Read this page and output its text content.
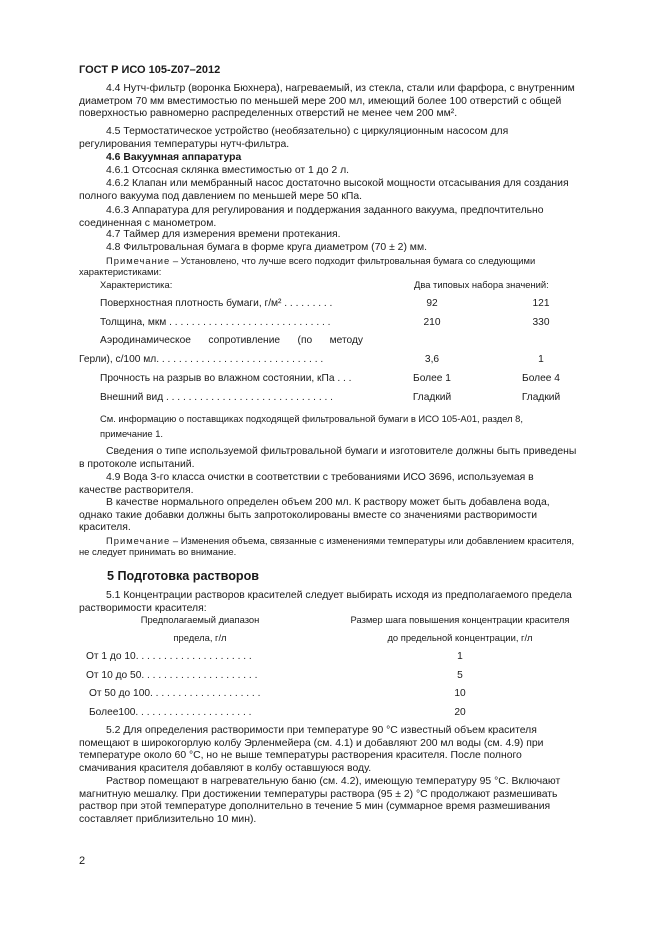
ГОСТ Р ИСО 105-Z07–2012
4.4 Нутч-фильтр (воронка Бюхнера), нагреваемый, из стекла, стали или фарфора, с внутренним
диаметром 70 мм вместимостью по меньшей мере 200 мл, имеющий более 100 отверстий с общей
поверхностью равномерно распределенных отверстий не менее чем 200 мм².
4.5 Термостатическое устройство (необязательно) с циркуляционным насосом для
регулирования температуры нутч-фильтра.
4.6 Вакуумная аппаратура
4.6.1 Отсосная склянка вместимостью от 1 до 2 л.
4.6.2 Клапан или мембранный насос достаточно высокой мощности отсасывания для создания
полного вакуума под давлением по меньшей мере 50 кПа.
4.6.3 Аппаратура для регулирования и поддержания заданного вакуума, предпочтительно
соединенная с манометром.
4.7 Таймер для измерения времени протекания.
4.8 Фильтровальная бумага в форме круга диаметром (70 ± 2) мм.
Примечание – Установлено, что лучше всего подходит фильтровальная бумага со следующими
характеристиками:
Характеристика:	Два типовых набора значений:
Поверхностная плотность бумаги, г/м² . . . . . . . . .	92	121
Толщина, мкм . . . . . . . . . . . . . . . . . . . . . . . . . . . . .	210	330
Аэродинамическое сопротивление (по методу
Герли), с/100 мл. . . . . . . . . . . . . . . . . . . . . . . . . . . . . .	3,6	1
Прочность на разрыв во влажном состоянии, кПа . . .	Более 1	Более 4
Внешний вид . . . . . . . . . . . . . . . . . . . . . . . . . . . . . .	Гладкий	Гладкий
См. информацию о поставщиках подходящей фильтровальной бумаги в ИСО 105-А01, раздел 8,
примечание 1.
Сведения о типе используемой фильтровальной бумаги и изготовителе должны быть приведены
в протоколе испытаний.
4.9 Вода 3-го класса очистки в соответствии с требованиями ИСО 3696, используемая в
качестве растворителя.
В качестве нормального определен объем 200 мл. К раствору может быть добавлена вода,
однако такие добавки должны быть запротоколированы вместе со значениями растворимости
красителя.
Примечание – Изменения объема, связанные с изменениями температуры или добавлением красителя,
не следует принимать во внимание.
5 Подготовка растворов
5.1 Концентрации растворов красителей следует выбирать исходя из предполагаемого предела
растворимости красителя:
Предполагаемый диапазон
предела, г/л
Размер шага повышения концентрации красителя
до предельной концентрации, г/л
От 1 до 10. . . . . . . . . . . . . . . . . . . . .	1
От 10 до 50. . . . . . . . . . . . . . . . . . . . .	5
От 50 до 100. . . . . . . . . . . . . . . . . . . .	10
Более100. . . . . . . . . . . . . . . . . . . . .	20
5.2 Для определения растворимости при температуре 90 °С известный объем красителя
помещают в широкогорлую колбу Эрленмейера (см. 4.1) и добавляют 200 мл воды (см. 4.9) при
температуре около 60 °С, но не выше температуры растворения красителя. После полного
смачивания красителя добавляют в колбу оставшуюся воду.
Раствор помещают в нагревательную баню (см. 4.2), имеющую температуру 95 °С. Включают
магнитную мешалку. При достижении температуры раствора (95 ± 2) °С продолжают размешивать
раствор при этой температуре дополнительно в течение 5 мин (суммарное время размешивания
составляет приблизительно 10 мин).
2
